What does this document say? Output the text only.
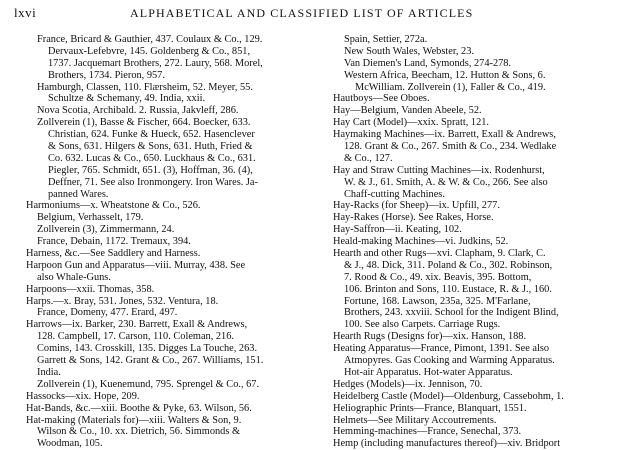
lxvi	ALPHABETICAL AND CLASSIFIED LIST OF ARTICLES
France, Bricard & Gauthier, 437. Coulaux & Co., 129.
Dervaux-Lefebvre, 145. Goldenberg & Co., 851,
1737. Jacquemart Brothers, 272. Laury, 568. Morel,
Brothers, 1734. Pieron, 957.
Hamburgh, Classen, 110. Flærsheim, 52. Meyer, 55.
Schultze & Schemany, 49. India, xxii.
Nova Scotia, Archibald. 2. Russia, Jakvleff, 286.
Zollverein (1), Basse & Fischer, 664. Boecker, 633.
Christian, 624. Funke & Hueck, 652. Hasenclever
& Sons, 631. Hilgers & Sons, 631. Huth, Fried &
Co. 632. Lucas & Co., 650. Luckhaus & Co., 631.
Piegler, 765. Schmidt, 651. (3), Hoffman, 36. (4),
Deffner, 71. See also Ironmongery. Iron Wares. Ja-
panned Wares.
Harmoniums—x. Wheatstone & Co., 526.
Belgium, Verhasselt, 179.
Zollverein (3), Zimmermann, 24.
France, Debain, 1172. Tremaux, 394.
Harness, &c.—See Saddlery and Harness.
Harpoon Gun and Apparatus—viii. Murray, 438. See
also Whale-Guns.
Harpoons—xxii. Thomas, 358.
Harps.—x. Bray, 531. Jones, 532. Ventura, 18.
France, Domeny, 477. Erard, 497.
Harrows—ix. Barker, 230. Barrett, Exall & Andrews,
128. Campbell, 17. Carson, 110. Coleman, 216.
Comins, 143. Crosskill, 135. Digges La Touche, 263.
Garrett & Sons, 142. Grant & Co., 267. Williams, 151.
India.
Zollverein (1), Kuenemund, 795. Sprengel & Co., 67.
Hassocks—xix. Hope, 209.
Hat-Bands, &c.—xiii. Boothe & Pyke, 63. Wilson, 56.
Hat-making (Materials for)—xiii. Walters & Son, 9.
Wilson & Co., 10. xx. Dietrich, 56. Simmonds &
Woodman, 105.
Spain, Settier, 272a.
New South Wales, Webster, 23.
Van Diemen's Land, Symonds, 274-278.
Western Africa, Beecham, 12. Hutton & Sons, 6.
McWilliam. Zollverein (1), Faller & Co., 419.
Hautboys—See Oboes.
Hay—Belgium, Vanden Abeele, 52.
Hay Cart (Model)—xxix. Spratt, 121.
Haymaking Machines—ix. Barrett, Exall & Andrews,
128. Grant & Co., 267. Smith & Co., 234. Wedlake
& Co., 127.
Hay and Straw Cutting Machines—ix. Rodenhurst,
W. & J., 61. Smith, A. & W. & Co., 266. See also
Chaff-cutting Machines.
Hay-Racks (for Sheep)—ix. Upfill, 277.
Hay-Rakes (Horse). See Rakes, Horse.
Hay-Saffron—ii. Keating, 102.
Heald-making Machines—vi. Judkins, 52.
Hearth and other Rugs—xvi. Clapham, 9. Clark, C.
& J., 48. Dick, 311. Poland & Co., 302. Robinson,
7. Rood & Co., 49. xix. Beavis, 395. Bottom,
106. Brinton and Sons, 110. Eustace, R. & J., 160.
Fortune, 168. Lawson, 235a, 325. M'Farlane,
Brothers, 243. xxviii. School for the Indigent Blind,
100. See also Carpets. Carriage Rugs.
Hearth Rugs (Designs for)—xix. Hanson, 188.
Heating Apparatus—France, Pimont, 1391. See also
Atmopyres. Gas Cooking and Warming Apparatus.
Hot-air Apparatus. Hot-water Apparatus.
Hedges (Models)—ix. Jennison, 70.
Heidelberg Castle (Model)—Oldenburg, Cassebohm, 1.
Heliographic Prints—France, Blanquart, 1551.
Helmets—See Military Accoutrements.
Hemming-machines—France, Senechal, 373.
Hemp (including manufactures thereof)—xiv. Bridport
